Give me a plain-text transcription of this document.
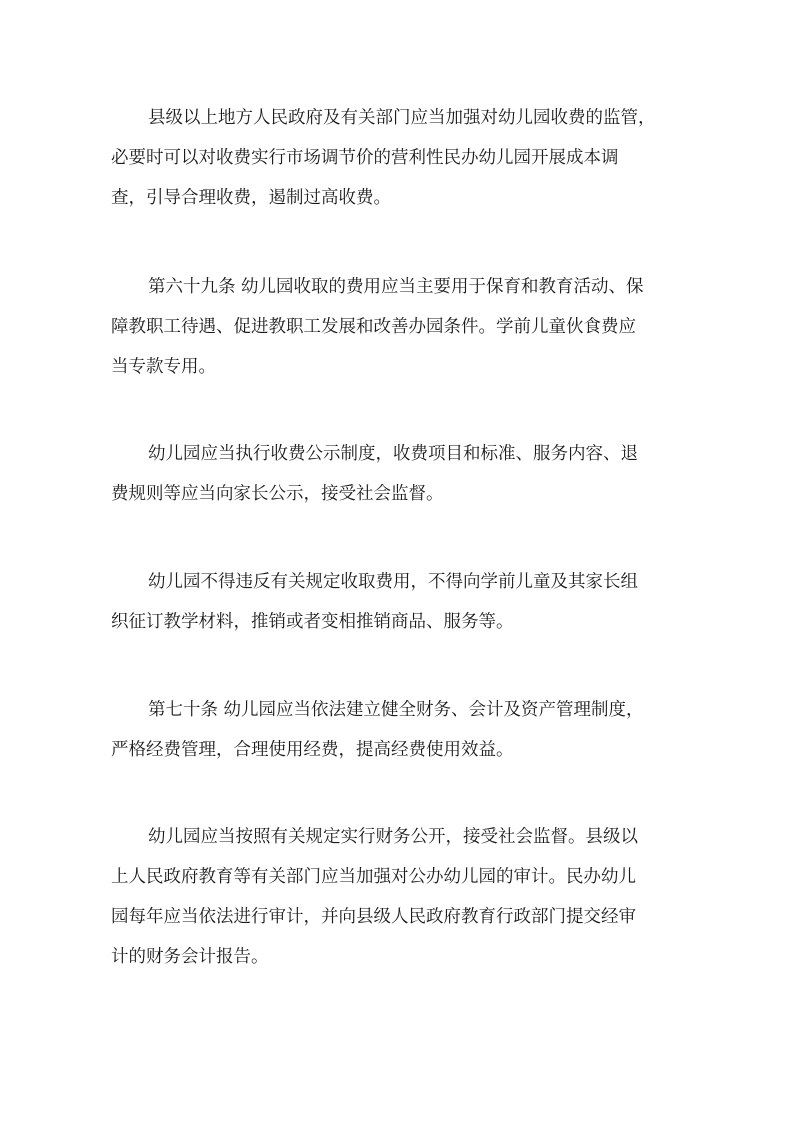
县级以上地方人民政府及有关部门应当加强对幼儿园收费的监管，
必要时可以对收费实行市场调节价的营利性民办幼儿园开展成本调
查，引导合理收费，遏制过高收费。
第六十九条 幼儿园收取的费用应当主要用于保育和教育活动、保
障教职工待遇、促进教职工发展和改善办园条件。学前儿童伙食费应
当专款专用。
幼儿园应当执行收费公示制度，收费项目和标准、服务内容、退
费规则等应当向家长公示，接受社会监督。
幼儿园不得违反有关规定收取费用，不得向学前儿童及其家长组
织征订教学材料，推销或者变相推销商品、服务等。
第七十条 幼儿园应当依法建立健全财务、会计及资产管理制度，
严格经费管理，合理使用经费，提高经费使用效益。
幼儿园应当按照有关规定实行财务公开，接受社会监督。县级以
上人民政府教育等有关部门应当加强对公办幼儿园的审计。民办幼儿
园每年应当依法进行审计，并向县级人民政府教育行政部门提交经审
计的财务会计报告。
